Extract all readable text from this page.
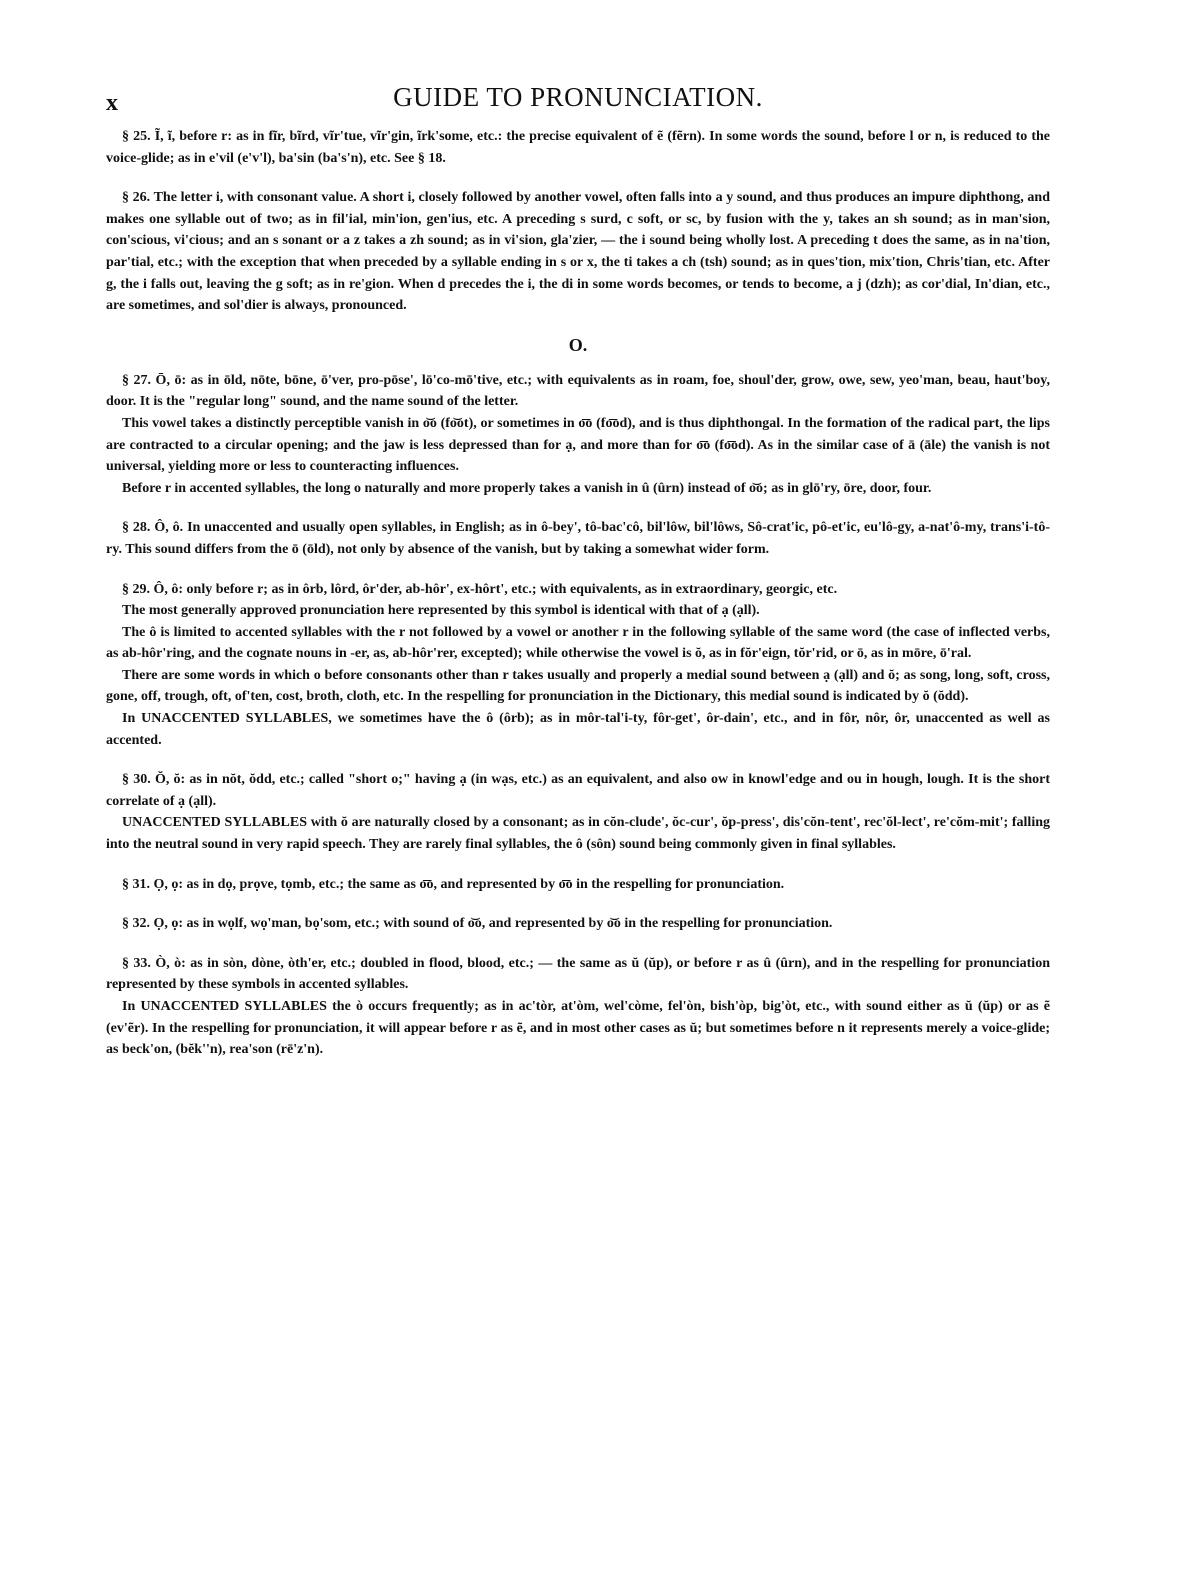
x	GUIDE TO PRONUNCIATION.

§ 25. Ĩ, ĩ, before r: as in fĩr, bĩrd, vĩr'tue, vĩr'gin, ĩrk'some, etc.: the precise equivalent of ẽ (fẽrn). In some words the sound, before l or n, is reduced to the voice-glide; as in e'vil (e'v'l), ba'sin (ba's'n), etc. See § 18.

§ 26. The letter i, with consonant value. A short i, closely followed by another vowel, often falls into a y sound, and thus produces an impure diphthong, and makes one syllable out of two; as in fil'ial, min'ion, gen'ius, etc. A preceding s surd, c soft, or sc, by fusion with the y, takes an sh sound; as in man'sion, con'scious, vi'cious; and an s sonant or a z takes a zh sound; as in vi'sion, gla'zier, — the i sound being wholly lost. A preceding t does the same, as in na'tion, par'tial, etc.; with the exception that when preceded by a syllable ending in s or x, the ti takes a ch (tsh) sound; as in ques'tion, mix'tion, Chris'tian, etc. After g, the i falls out, leaving the g soft; as in re'gion. When d precedes the i, the di in some words becomes, or tends to become, a j (dzh); as cor'dial, In'dian, etc., are sometimes, and sol'dier is always, pronounced.

O.

§ 27. Ō, ō: as in ōld, nōte, bōne, ō'ver, pro-pōse', lō'co-mō'tive, etc.; with equivalents as in roam, foe, shoul'der, grow, owe, sew, yeo'man, beau, haut'boy, door. It is the "regular long" sound, and the name sound of the letter.

This vowel takes a distinctly perceptible vanish in o͝o (fo͝ot), or sometimes in o͞o (fo͞od), and is thus diphthongal. In the formation of the radical part, the lips are contracted to a circular opening; and the jaw is less depressed than for ạ, and more than for o͞o (fo͞od). As in the similar case of ā (āle) the vanish is not universal, yielding more or less to counteracting influences.

Before r in accented syllables, the long o naturally and more properly takes a vanish in û (ûrn) instead of o͝o; as in glō'ry, ōre, door, four.

§ 28. Ô, ô. In unaccented and usually open syllables, in English; as in ô-bey', tô-bac'cô, bil'lôw, bil'lôws, Sô-crat'ic, pô-et'ic, eu'lô-gy, a-nat'ô-my, trans'i-tô-ry. This sound differs from the ō (ōld), not only by absence of the vanish, but by taking a somewhat wider form.

§ 29. Ô, ô: only before r; as in ôrb, lôrd, ôr'der, ab-hôr', ex-hôrt', etc.; with equivalents, as in extraordinary, georgic, etc.

The most generally approved pronunciation here represented by this symbol is identical with that of ạ (ạll).

The ô is limited to accented syllables with the r not followed by a vowel or another r in the following syllable of the same word (the case of inflected verbs, as ab-hôr'ring, and the cognate nouns in -er, as, ab-hôr'rer, excepted); while otherwise the vowel is ŏ, as in fŏr'eign, tŏr'rid, or ō, as in mōre, ō'ral.

There are some words in which o before consonants other than r takes usually and properly a medial sound between ạ (ạll) and ŏ; as song, long, soft, cross, gone, off, trough, oft, of'ten, cost, broth, cloth, etc. In the respelling for pronunciation in the Dictionary, this medial sound is indicated by ŏ (ŏdd).

In UNACCENTED SYLLABLES, we sometimes have the ô (ôrb); as in môr-tal'i-ty, fôr-get', ôr-dain', etc., and in fôr, nôr, ôr, unaccented as well as accented.

§ 30. Ŏ, ŏ: as in nŏt, ŏdd, etc.; called "short o;" having ạ (in wạs, etc.) as an equivalent, and also ow in knowl'edge and ou in hough, lough. It is the short correlate of ạ (ạll).

UNACCENTED SYLLABLES with ŏ are naturally closed by a consonant; as in cŏn-clude', ŏc-cur', ŏp-press', dis'cŏn-tent', rec'ŏl-lect', re'cŏm-mit'; falling into the neutral sound in very rapid speech. They are rarely final syllables, the ô (sôn) sound being commonly given in final syllables.

§ 31. Ọ, ọ: as in dọ, prọve, tọmb, etc.; the same as o͞o, and represented by o͞o in the respelling for pronunciation.

§ 32. Ọ, ọ: as in wọlf, wọ'man, bọ'som, etc.; with sound of o͝o, and represented by o͝o in the respelling for pronunciation.

§ 33. Ò, ò: as in sòn, dòne, òth'er, etc.; doubled in flood, blood, etc.; — the same as ŭ (ŭp), or before r as û (ûrn), and in the respelling for pronunciation represented by these symbols in accented syllables.

In UNACCENTED SYLLABLES the ò occurs frequently; as in ac'tòr, at'òm, wel'còme, fel'òn, bish'òp, big'òt, etc., with sound either as ŭ (ŭp) or as ẽ (ev'ẽr). In the respelling for pronunciation, it will appear before r as ẽ, and in most other cases as ŭ; but sometimes before n it represents merely a voice-glide; as beck'on, (bĕk''n), rea'son (rē'z'n).
